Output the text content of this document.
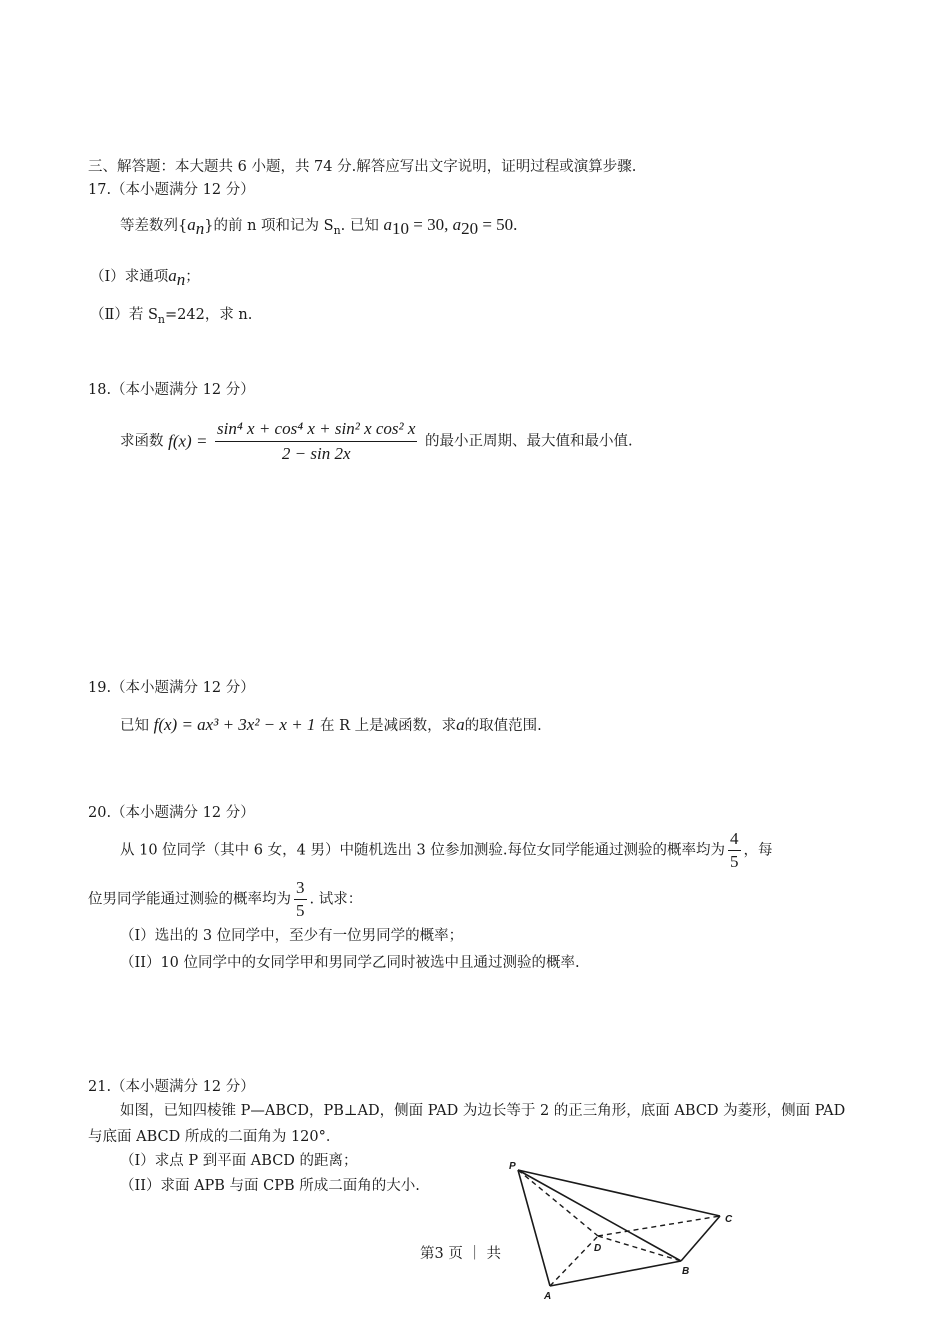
三、解答题：本大题共 6 小题，共 74 分.解答应写出文字说明，证明过程或演算步骤.
17.（本小题满分 12 分）
等差数列$\{a_n\}$的前 n 项和记为 $S_n$. 已知 $a_{10} = 30$, $a_{20} = 50$.
（Ⅰ）求通项$a_n$；
（Ⅱ）若 $S_n=242$，求 n.
18.（本小题满分 12 分）
求函数 $f(x) = \frac{\text{sin⁴ x + cos⁴ x + sin² x cos² x}}{2 - \sin 2x}$ 的最小正周期、最大值和最小值.
19.（本小题满分 12 分）
已知 f(x) = ax³ + 3x² − x + 1 在 R 上是减函数，求a的取值范围.
20.（本小题满分 12 分）
从 10 位同学（其中 6 女，4 男）中随机选出 3 位参加测验.每位女同学能通过测验的概率均为 $\frac{4}{5}$ ，每
位男同学能通过测验的概率均为 $\frac{3}{5}$ . 试求：
（I）选出的 3 位同学中，至少有一位男同学的概率；
（II）10 位同学中的女同学甲和男同学乙同时被选中且通过测验的概率.
21.（本小题满分 12 分）
如图，已知四棱锥 P—ABCD，PB⊥AD，侧面 PAD 为边长等于 2 的正三角形，底面 ABCD 为菱形，侧面 PAD
与底面 ABCD 所成的二面角为 120°．
（I）求点 P 到平面 ABCD 的距离；
（II）求面 APB 与面 CPB 所成二面角的大小.
P
A
B
C
D
第3 页 ｜ 共
